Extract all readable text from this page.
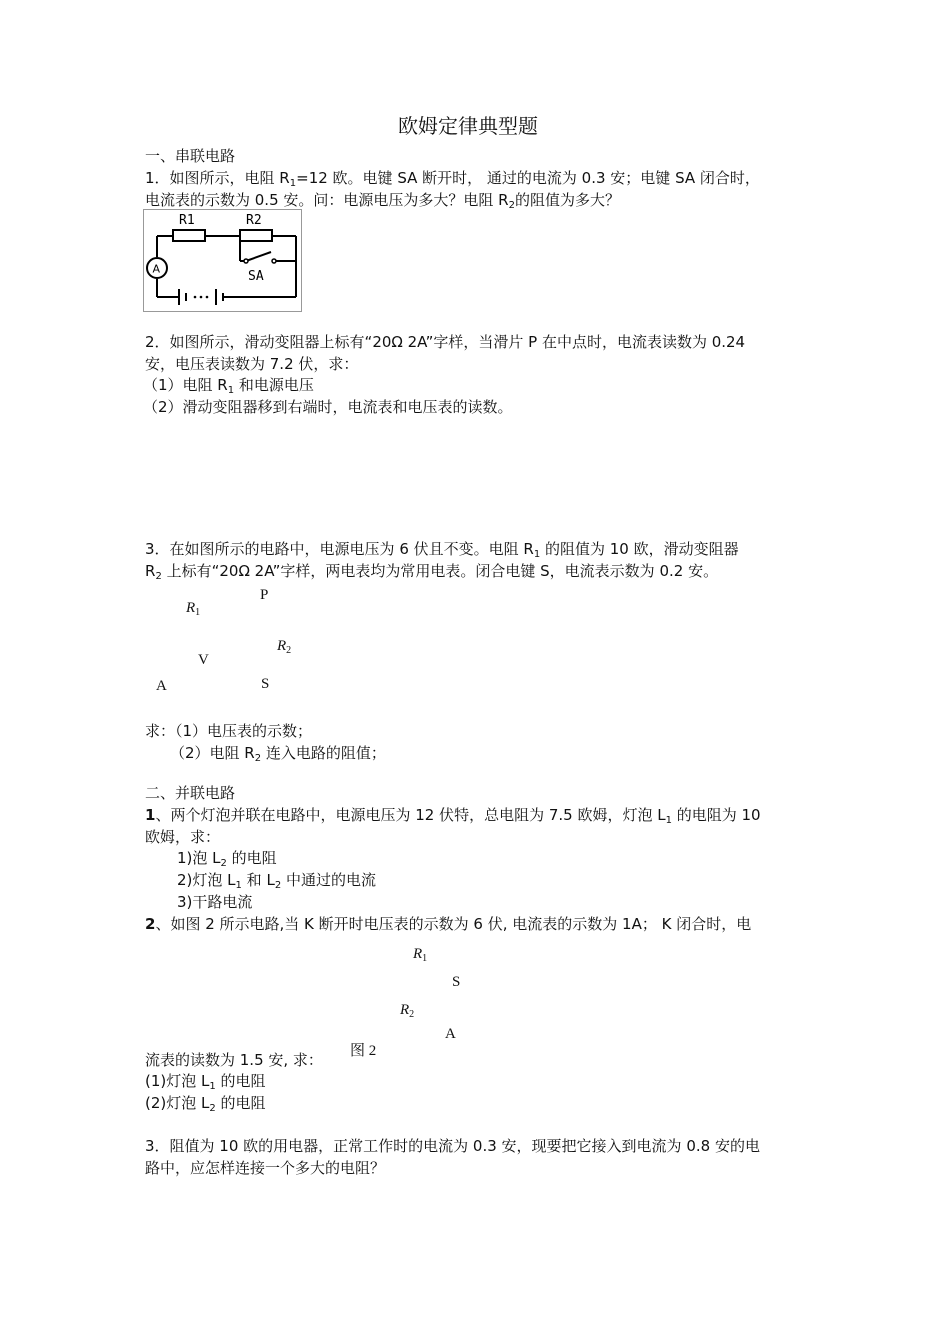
欧姆定律典型题
一、串联电路
1．如图所示，电阻 $R_1=12$ 欧。电键 SA 断开时， 通过的电流为 0.3 安；电键 SA 闭合时，
电流表的示数为 0.5 安。问：电源电压为多大？电阻 $R_2$的阻值为多大？
R1	R2
SA
A
2．如图所示，滑动变阻器上标有“20Ω 2A”字样，当滑片 P 在中点时，电流表读数为 0.24
安，电压表读数为 7.2 伏，求：
（1）电阻 $R_1$ 和电源电压
（2）滑动变阻器移到右端时，电流表和电压表的读数。
3．在如图所示的电路中，电源电压为 6 伏且不变。电阻 $R_1$ 的阻值为 10 欧，滑动变阻器
$R_2$ 上标有“20Ω 2A”字样，两电表均为常用电表。闭合电键 S，电流表示数为 0.2 安。
$R_1$
P
$R_2$
V
A	S
求：（1）电压表的示数；
（2）电阻 $R_2$ 连入电路的阻值；
二、并联电路
1、两个灯泡并联在电路中，电源电压为 12 伏特，总电阻为 7.5 欧姆，灯泡 $L_1$ 的电阻为 10
欧姆，求：
1)泡 $L_2$ 的电阻
2)灯泡 $L_1$ 和 $L_2$ 中通过的电流
3)干路电流
2、如图 2 所示电路,当 K 断开时电压表的示数为 6 伏, 电流表的示数为 1A； K 闭合时，电
$R_1$
S
$R_2$
A
图 2
流表的读数为 1.5 安, 求：
(1)灯泡 $L_1$ 的电阻
(2)灯泡 $L_2$ 的电阻
3．阻值为 10 欧的用电器，正常工作时的电流为 0.3 安，现要把它接入到电流为 0.8 安的电
路中，应怎样连接一个多大的电阻？
